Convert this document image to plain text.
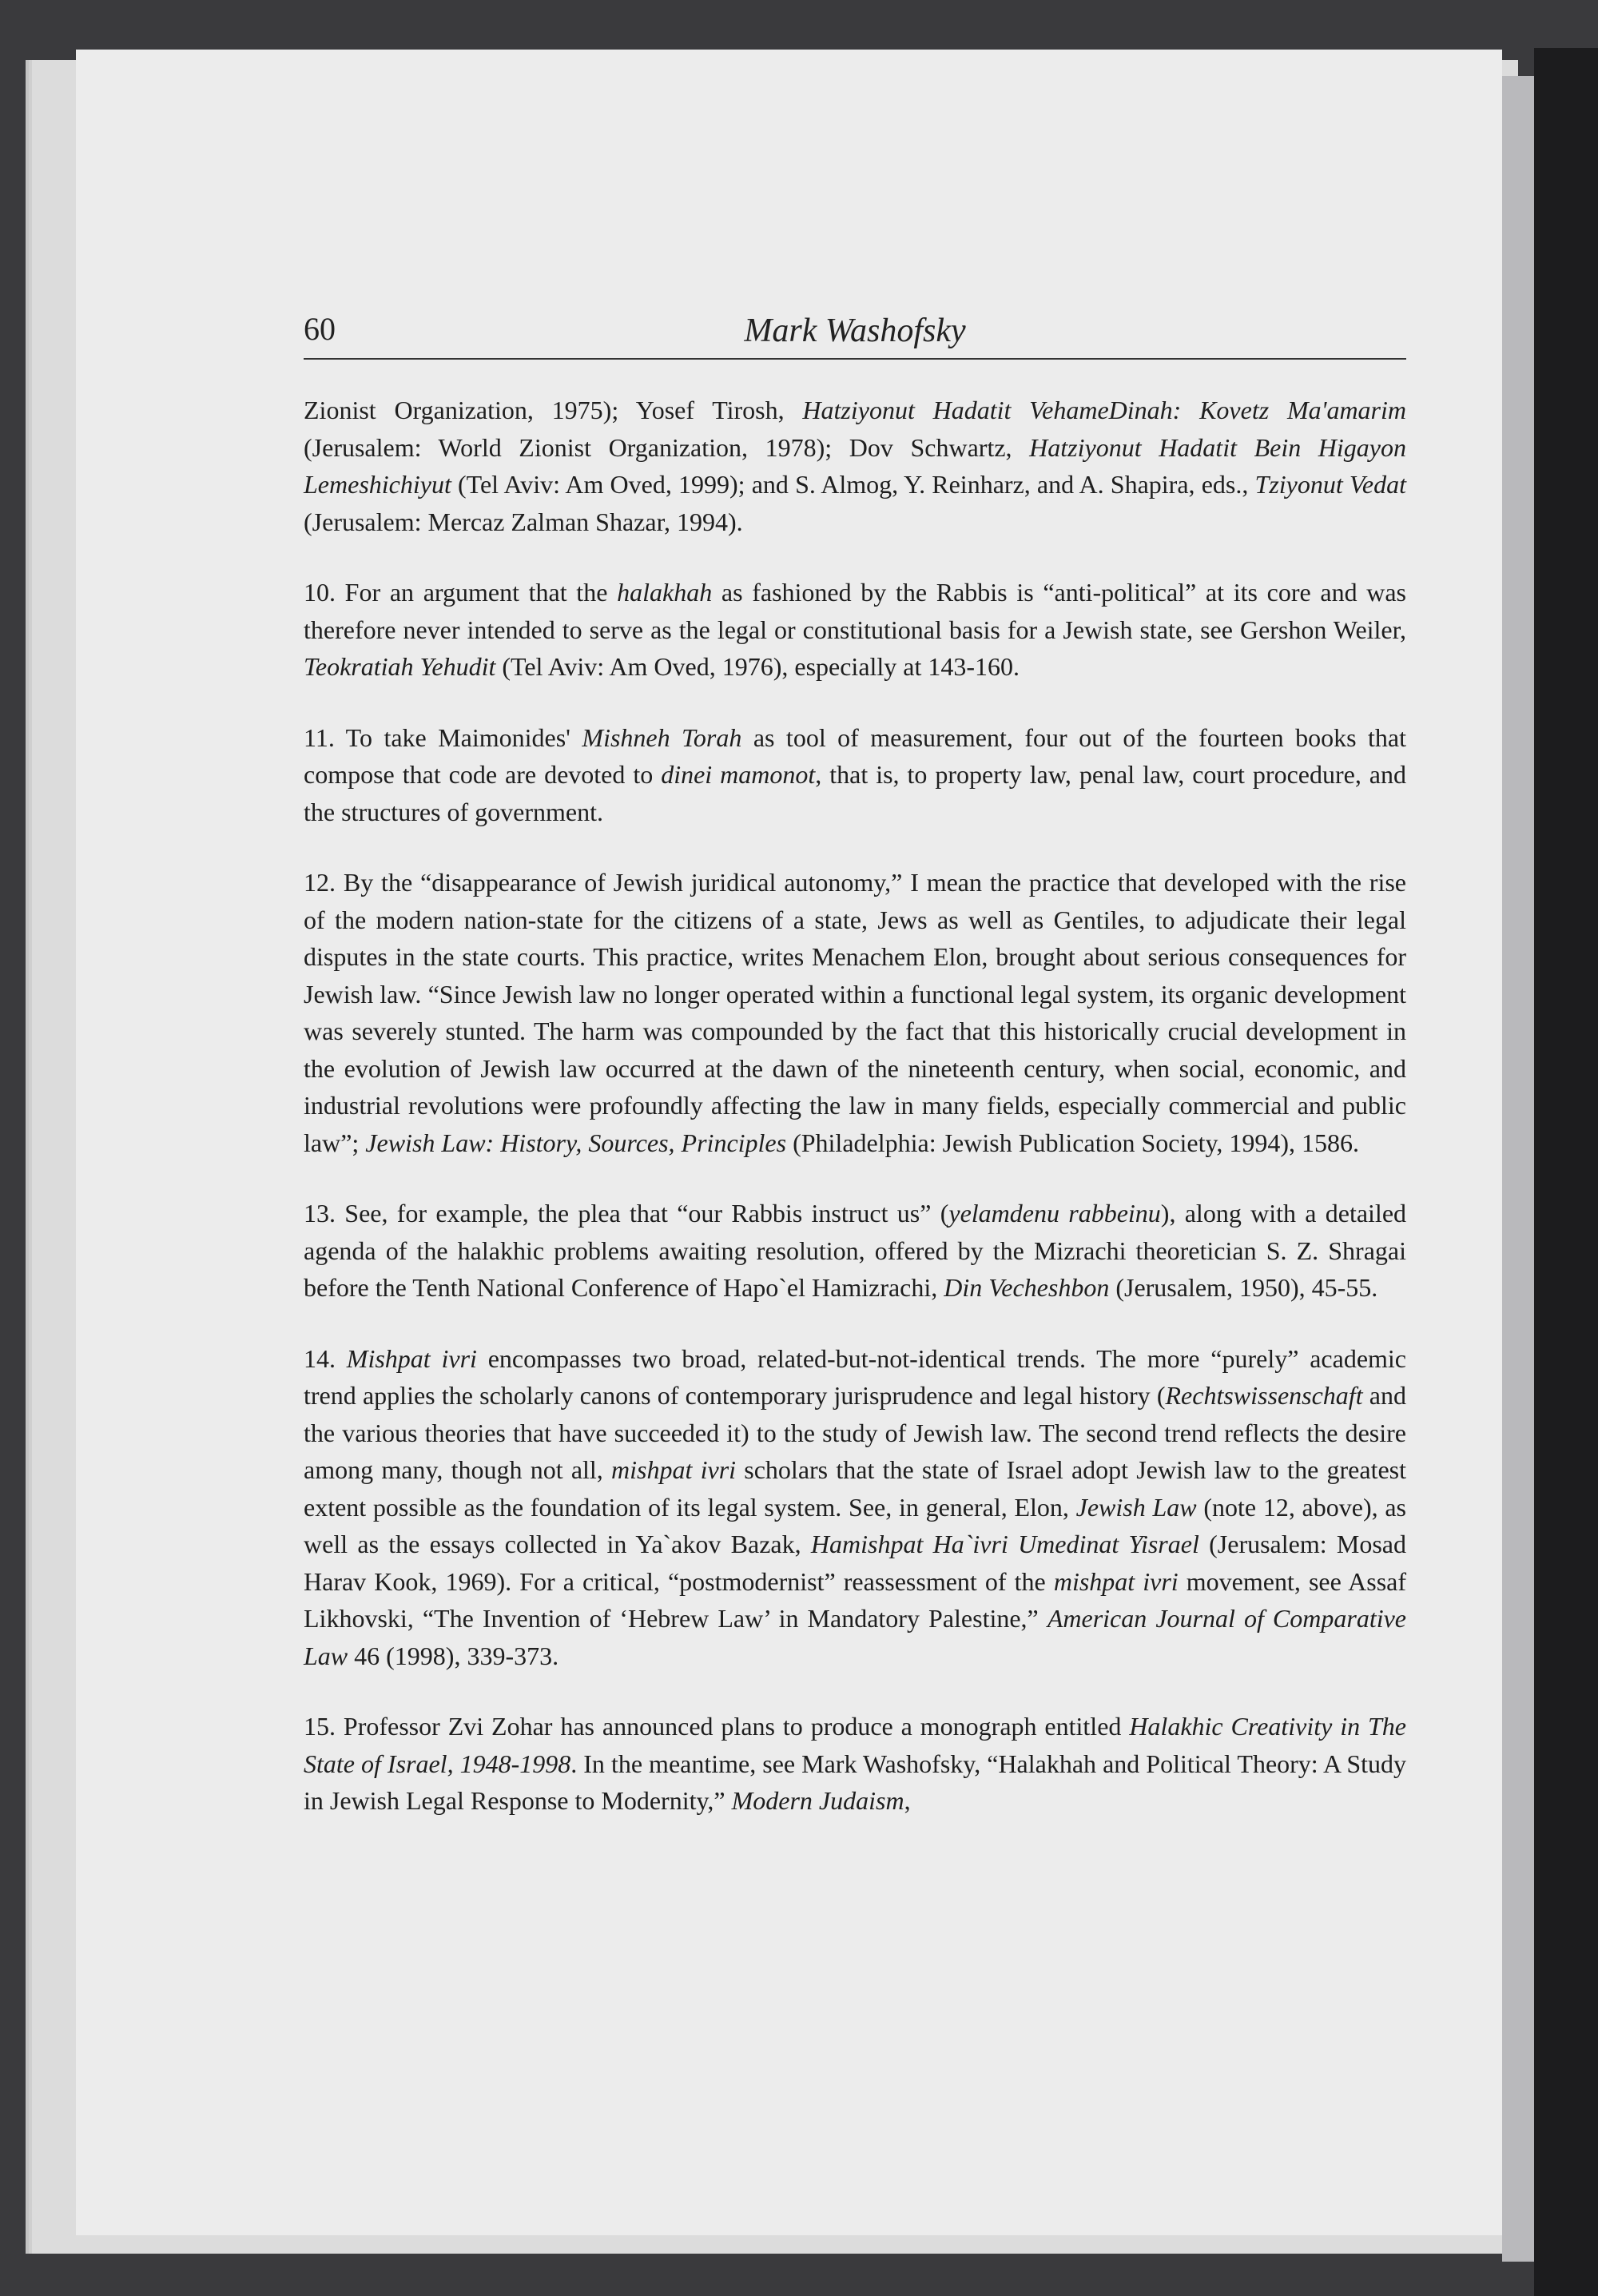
60	Mark Washofsky

Zionist Organization, 1975); Yosef Tirosh, Hatziyonut Hadatit VehameDinah: Kovetz Ma'amarim (Jerusalem: World Zionist Organization, 1978); Dov Schwartz, Hatziyonut Hadatit Bein Higayon Lemeshichiyut (Tel Aviv: Am Oved, 1999); and S. Almog, Y. Reinharz, and A. Shapira, eds., Tziyonut Vedat (Jerusalem: Mercaz Zalman Shazar, 1994).

10. For an argument that the halakhah as fashioned by the Rabbis is “anti-political” at its core and was therefore never intended to serve as the legal or constitutional basis for a Jewish state, see Gershon Weiler, Teokratiah Yehudit (Tel Aviv: Am Oved, 1976), especially at 143-160.

11. To take Maimonides' Mishneh Torah as tool of measurement, four out of the fourteen books that compose that code are devoted to dinei mamonot, that is, to property law, penal law, court procedure, and the structures of government.

12. By the “disappearance of Jewish juridical autonomy,” I mean the practice that developed with the rise of the modern nation-state for the citizens of a state, Jews as well as Gentiles, to adjudicate their legal disputes in the state courts. This practice, writes Menachem Elon, brought about serious consequences for Jewish law. “Since Jewish law no longer operated within a functional legal system, its organic development was severely stunted. The harm was compounded by the fact that this historically crucial development in the evolution of Jewish law occurred at the dawn of the nineteenth century, when social, economic, and industrial revolutions were profoundly affecting the law in many fields, especially commercial and public law”; Jewish Law: History, Sources, Principles (Philadelphia: Jewish Publication Society, 1994), 1586.

13. See, for example, the plea that “our Rabbis instruct us” (yelamdenu rabbeinu), along with a detailed agenda of the halakhic problems awaiting resolution, offered by the Mizrachi theoretician S. Z. Shragai before the Tenth National Conference of Hapo`el Hamizrachi, Din Vecheshbon (Jerusalem, 1950), 45-55.

14. Mishpat ivri encompasses two broad, related-but-not-identical trends. The more “purely” academic trend applies the scholarly canons of contemporary jurisprudence and legal history (Rechtswissenschaft and the various theories that have succeeded it) to the study of Jewish law. The second trend reflects the desire among many, though not all, mishpat ivri scholars that the state of Israel adopt Jewish law to the greatest extent possible as the foundation of its legal system. See, in general, Elon, Jewish Law (note 12, above), as well as the essays collected in Ya`akov Bazak, Hamishpat Ha`ivri Umedinat Yisrael (Jerusalem: Mosad Harav Kook, 1969). For a critical, “postmodernist” reassessment of the mishpat ivri movement, see Assaf Likhovski, “The Invention of ‘Hebrew Law’ in Mandatory Palestine,” American Journal of Comparative Law 46 (1998), 339-373.

15. Professor Zvi Zohar has announced plans to produce a monograph entitled Halakhic Creativity in The State of Israel, 1948-1998. In the meantime, see Mark Washofsky, “Halakhah and Political Theory: A Study in Jewish Legal Response to Modernity,” Modern Judaism,
